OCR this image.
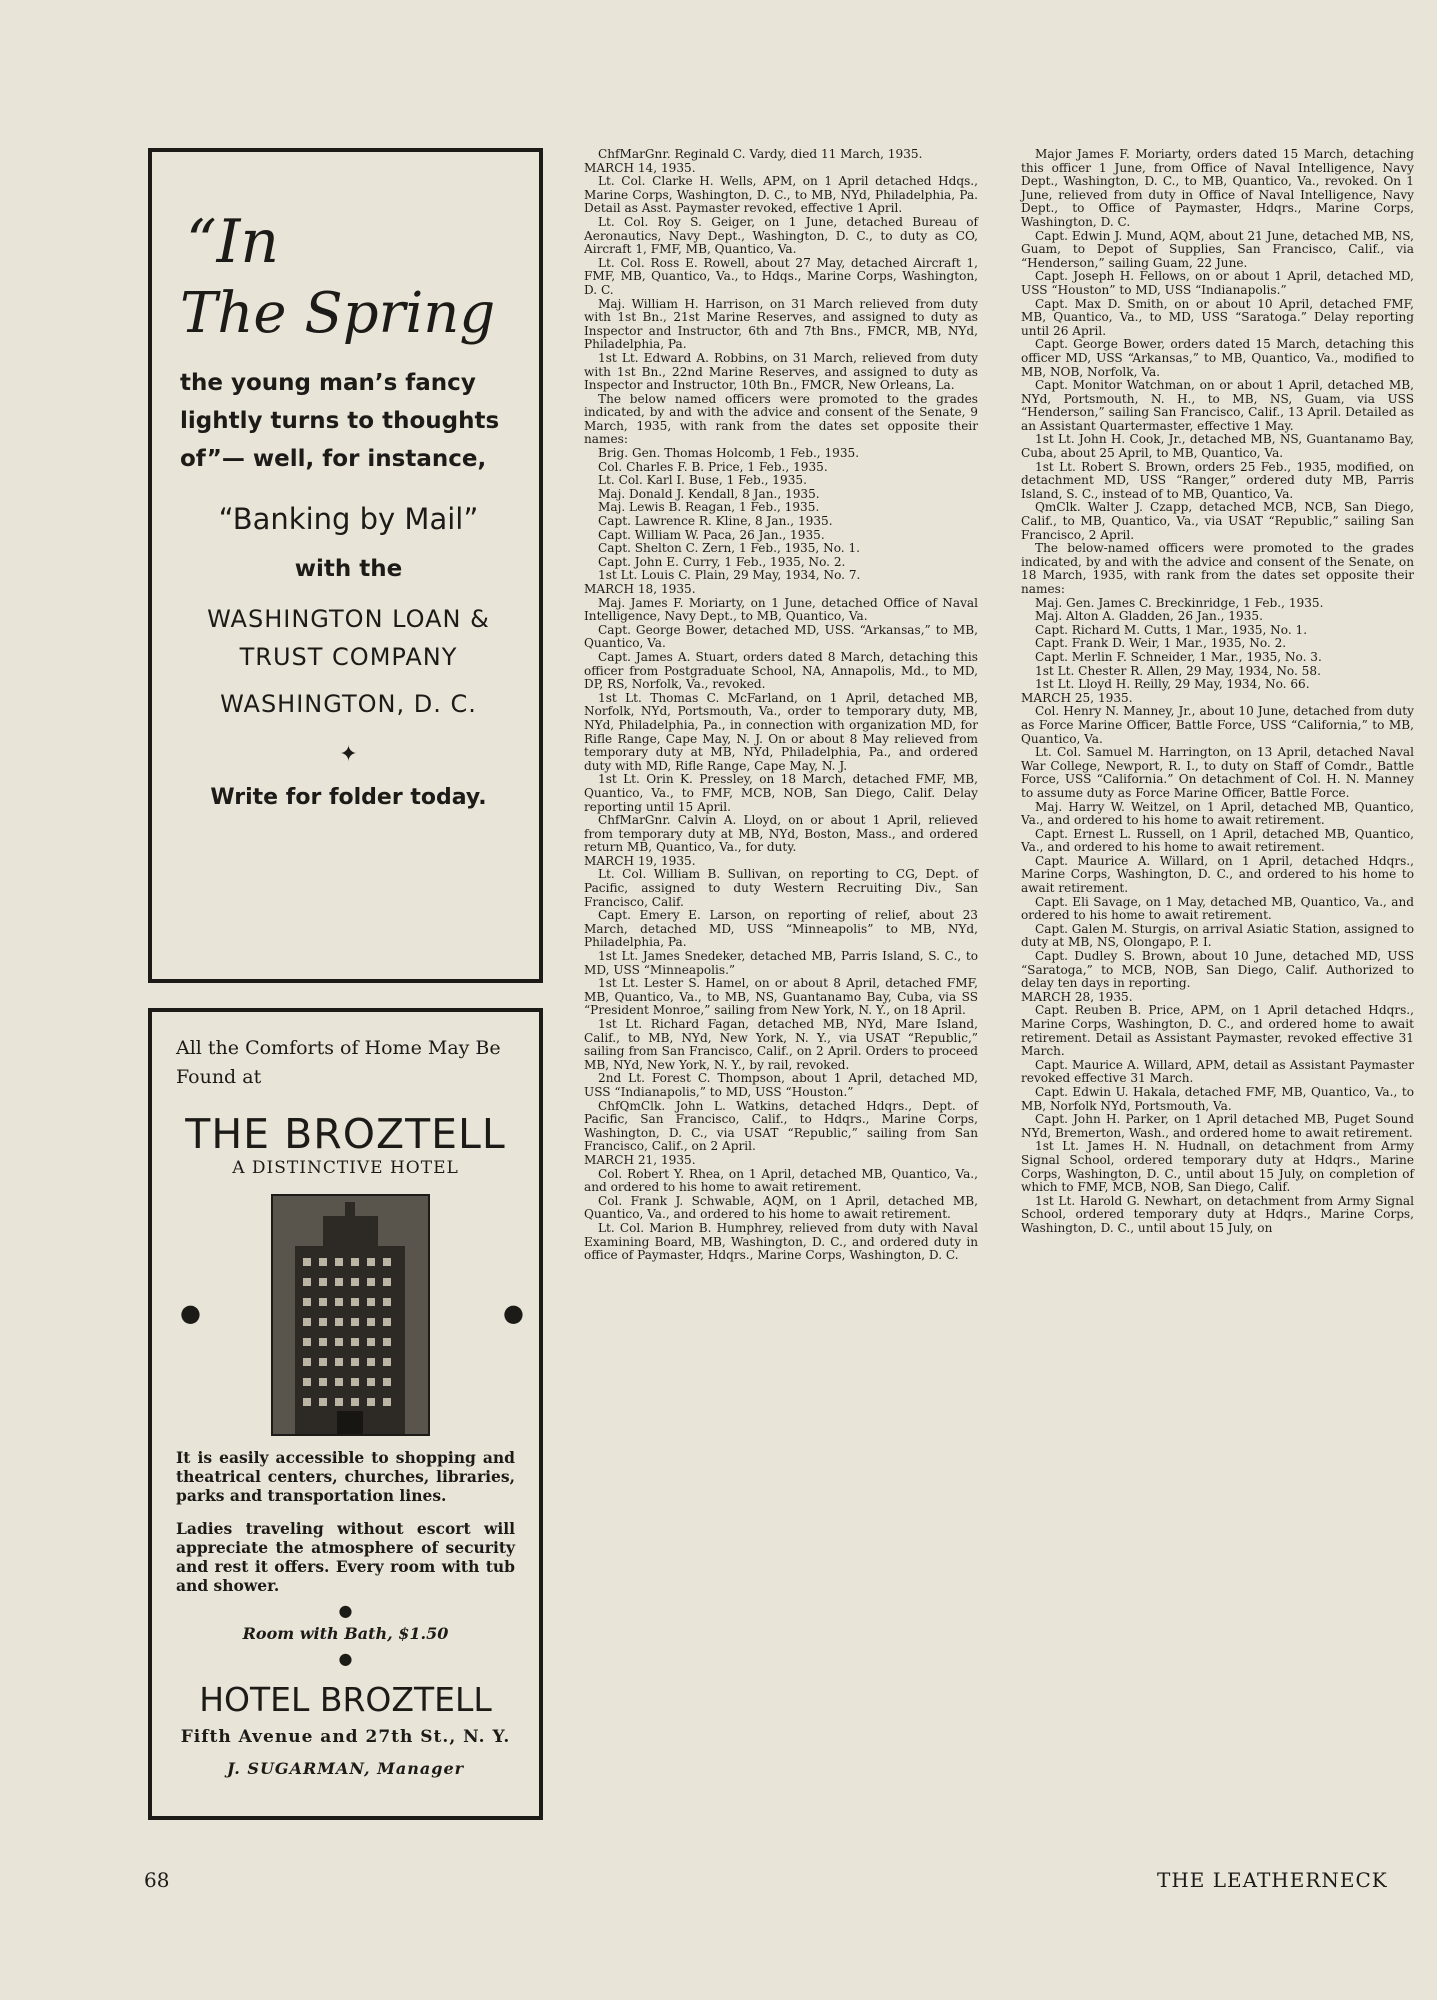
“In
The Spring
the young man’s fancy lightly turns to thoughts of”— well, for instance,
“Banking by Mail”
with the
WASHINGTON LOAN &
TRUST COMPANY
WASHINGTON, D. C.
✦
Write for folder today.
All the Comforts of Home May Be Found at
THE BROZTELL
A DISTINCTIVE HOTEL
●	●
It is easily accessible to shopping and theatrical centers, churches, libraries, parks and transportation lines.
Ladies traveling without escort will appreciate the atmosphere of security and rest it offers. Every room with tub and shower.
●
Room with Bath, $1.50
●
HOTEL BROZTELL
Fifth Avenue and 27th St., N. Y.
J. SUGARMAN, Manager

ChfMarGnr. Reginald C. Vardy, died 11 March, 1935.

MARCH 14, 1935.

Lt. Col. Clarke H. Wells, APM, on 1 April detached Hdqs., Marine Corps, Washington, D. C., to MB, NYd, Philadelphia, Pa. Detail as Asst. Paymaster revoked, effective 1 April.

Lt. Col. Roy S. Geiger, on 1 June, detached Bureau of Aeronautics, Navy Dept., Washington, D. C., to duty as CO, Aircraft 1, FMF, MB, Quantico, Va.

Lt. Col. Ross E. Rowell, about 27 May, detached Aircraft 1, FMF, MB, Quantico, Va., to Hdqs., Marine Corps, Washington, D. C.

Maj. William H. Harrison, on 31 March relieved from duty with 1st Bn., 21st Marine Reserves, and assigned to duty as Inspector and Instructor, 6th and 7th Bns., FMCR, MB, NYd, Philadelphia, Pa.

1st Lt. Edward A. Robbins, on 31 March, relieved from duty with 1st Bn., 22nd Marine Reserves, and assigned to duty as Inspector and Instructor, 10th Bn., FMCR, New Orleans, La.

The below named officers were promoted to the grades indicated, by and with the advice and consent of the Senate, 9 March, 1935, with rank from the dates set opposite their names:

Brig. Gen. Thomas Holcomb, 1 Feb., 1935.

Col. Charles F. B. Price, 1 Feb., 1935.

Lt. Col. Karl I. Buse, 1 Feb., 1935.

Maj. Donald J. Kendall, 8 Jan., 1935.

Maj. Lewis B. Reagan, 1 Feb., 1935.

Capt. Lawrence R. Kline, 8 Jan., 1935.

Capt. William W. Paca, 26 Jan., 1935.

Capt. Shelton C. Zern, 1 Feb., 1935, No. 1.

Capt. John E. Curry, 1 Feb., 1935, No. 2.

1st Lt. Louis C. Plain, 29 May, 1934, No. 7.

MARCH 18, 1935.

Maj. James F. Moriarty, on 1 June, detached Office of Naval Intelligence, Navy Dept., to MB, Quantico, Va.

Capt. George Bower, detached MD, USS. “Arkansas,” to MB, Quantico, Va.

Capt. James A. Stuart, orders dated 8 March, detaching this officer from Postgraduate School, NA, Annapolis, Md., to MD, DP, RS, Norfolk, Va., revoked.

1st Lt. Thomas C. McFarland, on 1 April, detached MB, Norfolk, NYd, Portsmouth, Va., order to temporary duty, MB, NYd, Philadelphia, Pa., in connection with organization MD, for Rifle Range, Cape May, N. J. On or about 8 May relieved from temporary duty at MB, NYd, Philadelphia, Pa., and ordered duty with MD, Rifle Range, Cape May, N. J.

1st Lt. Orin K. Pressley, on 18 March, detached FMF, MB, Quantico, Va., to FMF, MCB, NOB, San Diego, Calif. Delay reporting until 15 April.

ChfMarGnr. Calvin A. Lloyd, on or about 1 April, relieved from temporary duty at MB, NYd, Boston, Mass., and ordered return MB, Quantico, Va., for duty.

MARCH 19, 1935.

Lt. Col. William B. Sullivan, on reporting to CG, Dept. of Pacific, assigned to duty Western Recruiting Div., San Francisco, Calif.

Capt. Emery E. Larson, on reporting of relief, about 23 March, detached MD, USS “Minneapolis” to MB, NYd, Philadelphia, Pa.

1st Lt. James Snedeker, detached MB, Parris Island, S. C., to MD, USS “Minneapolis.”

1st Lt. Lester S. Hamel, on or about 8 April, detached FMF, MB, Quantico, Va., to MB, NS, Guantanamo Bay, Cuba, via SS “President Monroe,” sailing from New York, N. Y., on 18 April.

1st Lt. Richard Fagan, detached MB, NYd, Mare Island, Calif., to MB, NYd, New York, N. Y., via USAT “Republic,” sailing from San Francisco, Calif., on 2 April. Orders to proceed MB, NYd, New York, N. Y., by rail, revoked.

2nd Lt. Forest C. Thompson, about 1 April, detached MD, USS “Indianapolis,” to MD, USS “Houston.”

ChfQmClk. John L. Watkins, detached Hdqrs., Dept. of Pacific, San Francisco, Calif., to Hdqrs., Marine Corps, Washington, D. C., via USAT “Republic,” sailing from San Francisco, Calif., on 2 April.

MARCH 21, 1935.

Col. Robert Y. Rhea, on 1 April, detached MB, Quantico, Va., and ordered to his home to await retirement.

Col. Frank J. Schwable, AQM, on 1 April, detached MB, Quantico, Va., and ordered to his home to await retirement.

Lt. Col. Marion B. Humphrey, relieved from duty with Naval Examining Board, MB, Washington, D. C., and ordered duty in office of Paymaster, Hdqrs., Marine Corps, Washington, D. C.

Major James F. Moriarty, orders dated 15 March, detaching this officer 1 June, from Office of Naval Intelligence, Navy Dept., Washington, D. C., to MB, Quantico, Va., revoked. On 1 June, relieved from duty in Office of Naval Intelligence, Navy Dept., to Office of Paymaster, Hdqrs., Marine Corps, Washington, D. C.

Capt. Edwin J. Mund, AQM, about 21 June, detached MB, NS, Guam, to Depot of Supplies, San Francisco, Calif., via “Henderson,” sailing Guam, 22 June.

Capt. Joseph H. Fellows, on or about 1 April, detached MD, USS “Houston” to MD, USS “Indianapolis.”

Capt. Max D. Smith, on or about 10 April, detached FMF, MB, Quantico, Va., to MD, USS “Saratoga.” Delay reporting until 26 April.

Capt. George Bower, orders dated 15 March, detaching this officer MD, USS “Arkansas,” to MB, Quantico, Va., modified to MB, NOB, Norfolk, Va.

Capt. Monitor Watchman, on or about 1 April, detached MB, NYd, Portsmouth, N. H., to MB, NS, Guam, via USS “Henderson,” sailing San Francisco, Calif., 13 April. Detailed as an Assistant Quartermaster, effective 1 May.

1st Lt. John H. Cook, Jr., detached MB, NS, Guantanamo Bay, Cuba, about 25 April, to MB, Quantico, Va.

1st Lt. Robert S. Brown, orders 25 Feb., 1935, modified, on detachment MD, USS “Ranger,” ordered duty MB, Parris Island, S. C., instead of to MB, Quantico, Va.

QmClk. Walter J. Czapp, detached MCB, NCB, San Diego, Calif., to MB, Quantico, Va., via USAT “Republic,” sailing San Francisco, 2 April.

The below-named officers were promoted to the grades indicated, by and with the advice and consent of the Senate, on 18 March, 1935, with rank from the dates set opposite their names:

Maj. Gen. James C. Breckinridge, 1 Feb., 1935.

Maj. Alton A. Gladden, 26 Jan., 1935.

Capt. Richard M. Cutts, 1 Mar., 1935, No. 1.

Capt. Frank D. Weir, 1 Mar., 1935, No. 2.

Capt. Merlin F. Schneider, 1 Mar., 1935, No. 3.

1st Lt. Chester R. Allen, 29 May, 1934, No. 58.

1st Lt. Lloyd H. Reilly, 29 May, 1934, No. 66.

MARCH 25, 1935.

Col. Henry N. Manney, Jr., about 10 June, detached from duty as Force Marine Officer, Battle Force, USS “California,” to MB, Quantico, Va.

Lt. Col. Samuel M. Harrington, on 13 April, detached Naval War College, Newport, R. I., to duty on Staff of Comdr., Battle Force, USS “California.” On detachment of Col. H. N. Manney to assume duty as Force Marine Officer, Battle Force.

Maj. Harry W. Weitzel, on 1 April, detached MB, Quantico, Va., and ordered to his home to await retirement.

Capt. Ernest L. Russell, on 1 April, detached MB, Quantico, Va., and ordered to his home to await retirement.

Capt. Maurice A. Willard, on 1 April, detached Hdqrs., Marine Corps, Washington, D. C., and ordered to his home to await retirement.

Capt. Eli Savage, on 1 May, detached MB, Quantico, Va., and ordered to his home to await retirement.

Capt. Galen M. Sturgis, on arrival Asiatic Station, assigned to duty at MB, NS, Olongapo, P. I.

Capt. Dudley S. Brown, about 10 June, detached MD, USS “Saratoga,” to MCB, NOB, San Diego, Calif. Authorized to delay ten days in reporting.

MARCH 28, 1935.

Capt. Reuben B. Price, APM, on 1 April detached Hdqrs., Marine Corps, Washington, D. C., and ordered home to await retirement. Detail as Assistant Paymaster, revoked effective 31 March.

Capt. Maurice A. Willard, APM, detail as Assistant Paymaster revoked effective 31 March.

Capt. Edwin U. Hakala, detached FMF, MB, Quantico, Va., to MB, Norfolk NYd, Portsmouth, Va.

Capt. John H. Parker, on 1 April detached MB, Puget Sound NYd, Bremerton, Wash., and ordered home to await retirement.

1st Lt. James H. N. Hudnall, on detachment from Army Signal School, ordered temporary duty at Hdqrs., Marine Corps, Washington, D. C., until about 15 July, on completion of which to FMF, MCB, NOB, San Diego, Calif.

1st Lt. Harold G. Newhart, on detachment from Army Signal School, ordered temporary duty at Hdqrs., Marine Corps, Washington, D. C., until about 15 July, on

68	THE LEATHERNECK
